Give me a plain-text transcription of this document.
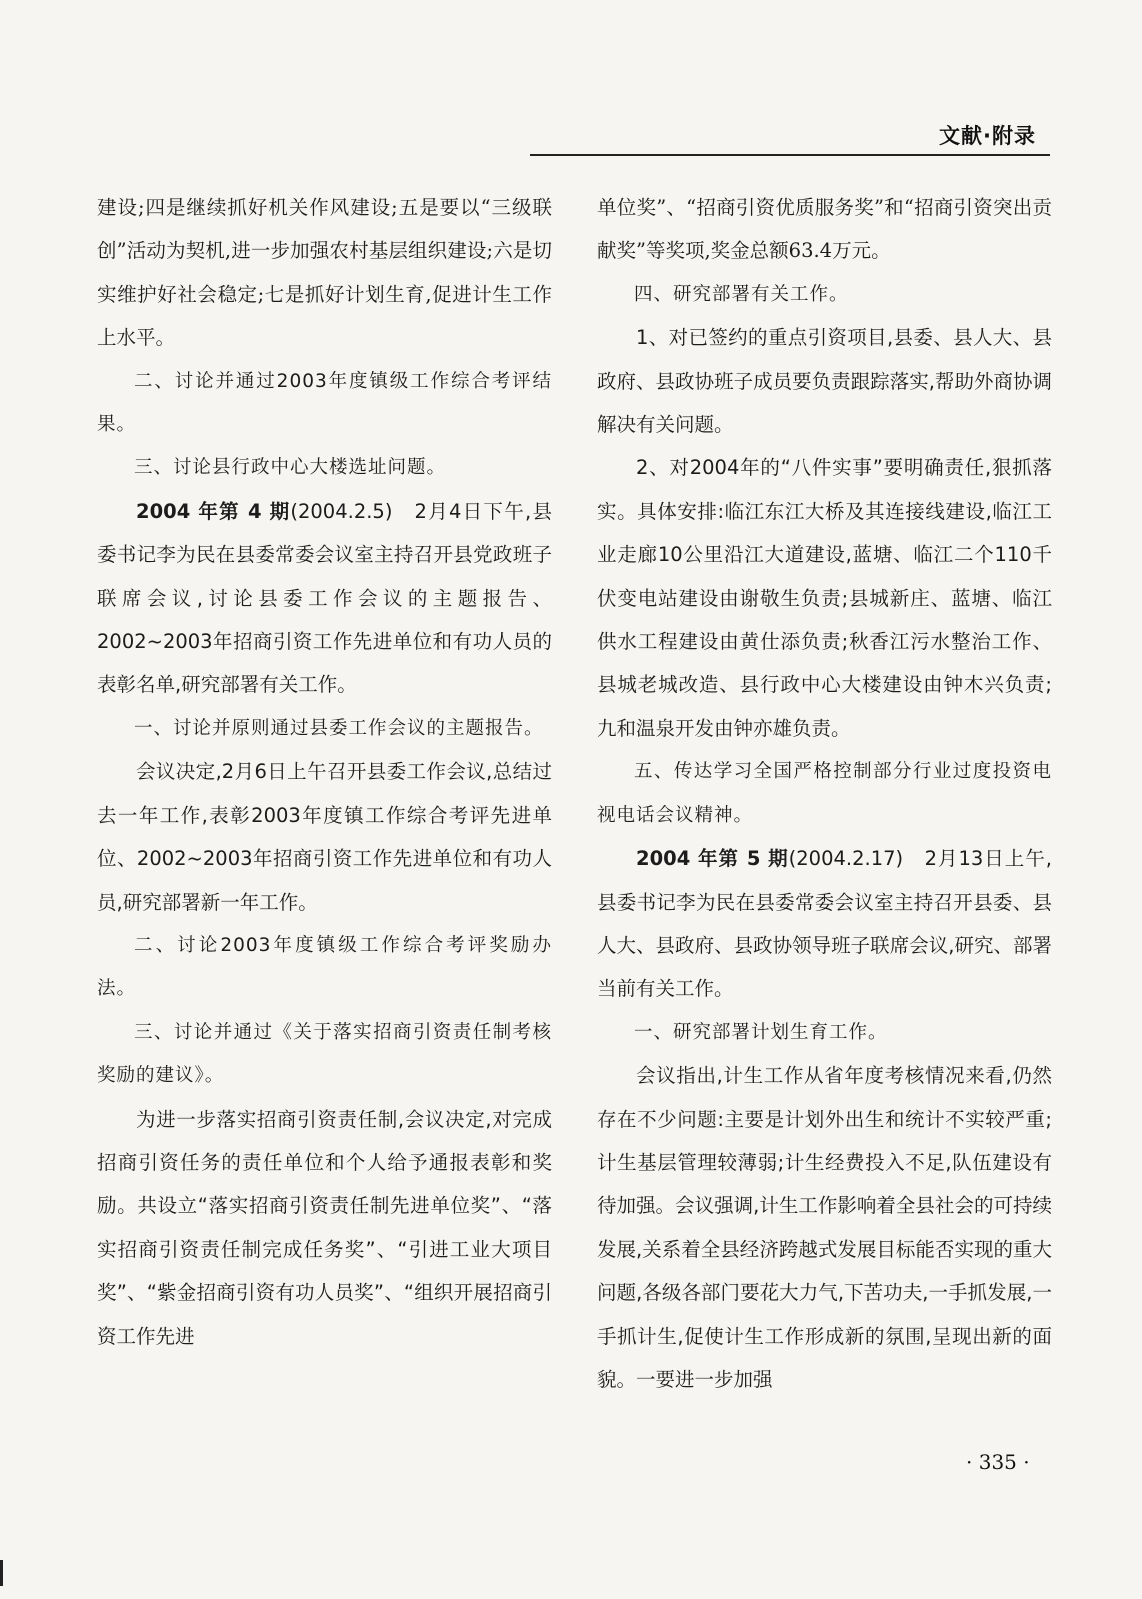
文献·附录

建设;四是继续抓好机关作风建设;五是要以“三级联创”活动为契机,进一步加强农村基层组织建设;六是切实维护好社会稳定;七是抓好计划生育,促进计生工作上水平。

二、讨论并通过2003年度镇级工作综合考评结果。

三、讨论县行政中心大楼选址问题。

2004 年第 4 期(2004.2.5)　2月4日下午,县委书记李为民在县委常委会议室主持召开县党政班子联席会议,讨论县委工作会议的主题报告、2002~2003年招商引资工作先进单位和有功人员的表彰名单,研究部署有关工作。

一、讨论并原则通过县委工作会议的主题报告。

会议决定,2月6日上午召开县委工作会议,总结过去一年工作,表彰2003年度镇工作综合考评先进单位、2002~2003年招商引资工作先进单位和有功人员,研究部署新一年工作。

二、讨论2003年度镇级工作综合考评奖励办法。

三、讨论并通过《关于落实招商引资责任制考核奖励的建议》。

为进一步落实招商引资责任制,会议决定,对完成招商引资任务的责任单位和个人给予通报表彰和奖励。共设立“落实招商引资责任制先进单位奖”、“落实招商引资责任制完成任务奖”、“引进工业大项目奖”、“紫金招商引资有功人员奖”、“组织开展招商引资工作先进

单位奖”、“招商引资优质服务奖”和“招商引资突出贡献奖”等奖项,奖金总额63.4万元。

四、研究部署有关工作。

1、对已签约的重点引资项目,县委、县人大、县政府、县政协班子成员要负责跟踪落实,帮助外商协调解决有关问题。

2、对2004年的“八件实事”要明确责任,狠抓落实。具体安排:临江东江大桥及其连接线建设,临江工业走廊10公里沿江大道建设,蓝塘、临江二个110千伏变电站建设由谢敬生负责;县城新庄、蓝塘、临江供水工程建设由黄仕添负责;秋香江污水整治工作、县城老城改造、县行政中心大楼建设由钟木兴负责;九和温泉开发由钟亦雄负责。

五、传达学习全国严格控制部分行业过度投资电视电话会议精神。

2004 年第 5 期(2004.2.17)　2月13日上午,县委书记李为民在县委常委会议室主持召开县委、县人大、县政府、县政协领导班子联席会议,研究、部署当前有关工作。

一、研究部署计划生育工作。

会议指出,计生工作从省年度考核情况来看,仍然存在不少问题:主要是计划外出生和统计不实较严重;计生基层管理较薄弱;计生经费投入不足,队伍建设有待加强。会议强调,计生工作影响着全县社会的可持续发展,关系着全县经济跨越式发展目标能否实现的重大问题,各级各部门要花大力气,下苦功夫,一手抓发展,一手抓计生,促使计生工作形成新的氛围,呈现出新的面貌。一要进一步加强

· 335 ·
